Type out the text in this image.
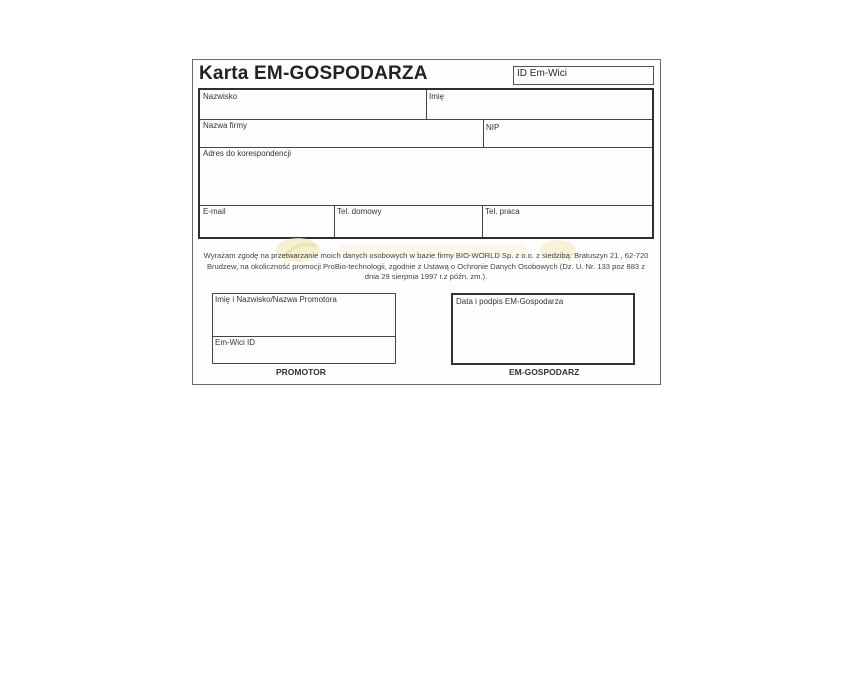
Karta EM-GOSPODARZA	ID Em-Wici
Nazwisko	Imię
Nazwa firmy	NIP
Adres do korespondencji
E-mail	Tel. domowy	Tel. praca
Wyrażam zgodę na przetwarzanie moich danych osobowych w bazie firmy BIO-WORLD Sp. z o.o. z siedzibą: Bratuszyn 21 , 62-720 Brudzew, na okoliczność promocji ProBio-technologii, zgodnie z Ustawą o Ochronie Danych Osobowych (Dz. U. Nr. 133 poz 883 z dnia 29 sierpnia 1997 r.z późn. zm.).
Imię i Nazwisko/Nazwa Promotora
Em-Wici ID
PROMOTOR
Data i podpis EM-Gospodarza
EM-GOSPODARZ
